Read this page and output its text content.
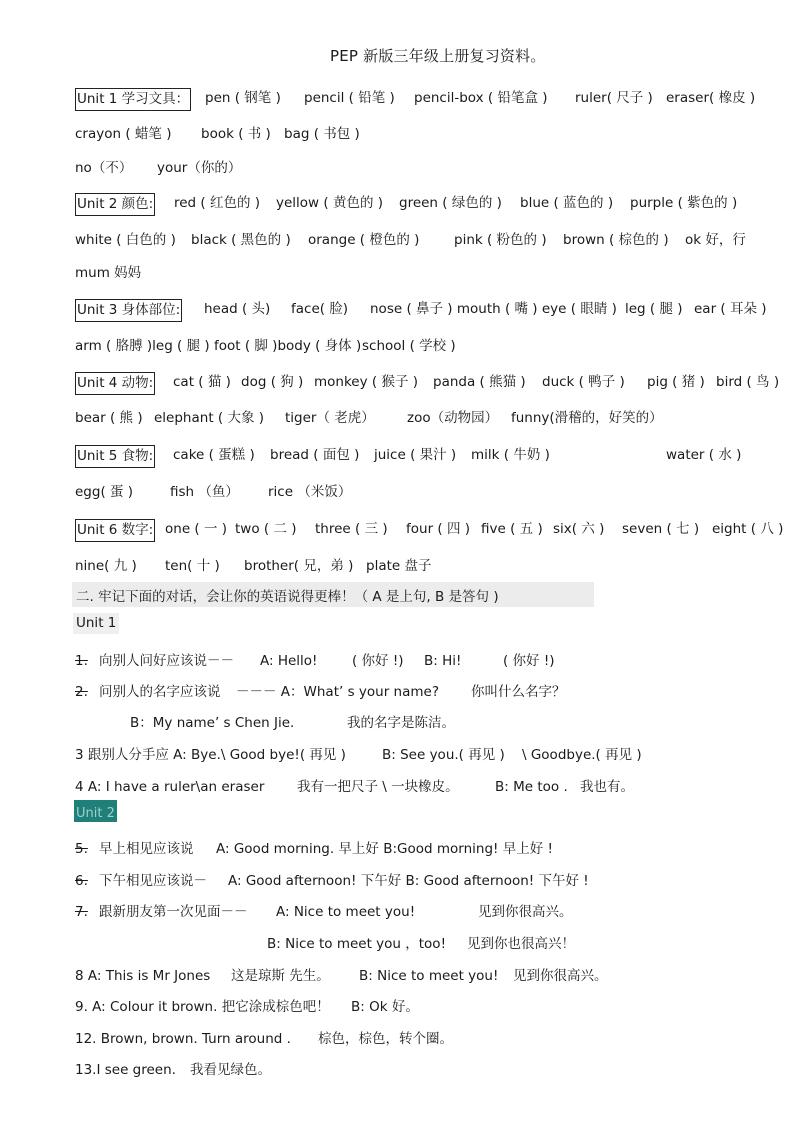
PEP 新版三年级上册复习资料。
Unit 1 学习文具： pen ( 钢笔 ) pencil ( 铅笔 ) pencil-box ( 铅笔盒 ) ruler( 尺子 ) eraser( 橡皮 )
crayon ( 蜡笔 ) book ( 书 ) bag ( 书包 )
no（不） your（你的）
Unit 2 颜色: red ( 红色的 ) yellow ( 黄色的 ) green ( 绿色的 ) blue ( 蓝色的 ) purple ( 紫色的 )
white ( 白色的 ) black ( 黑色的 ) orange ( 橙色的 )	pink ( 粉色的 ) brown ( 棕色的 ) ok 好，行
mum 妈妈
Unit 3 身体部位: head ( 头) face( 脸) nose ( 鼻子 ) mouth ( 嘴 ) eye ( 眼睛 ) leg ( 腿 ) ear ( 耳朵 )
arm ( 胳膊 )leg ( 腿 ) foot ( 脚 )body ( 身体 ) school ( 学校 )
Unit 4 动物: cat ( 猫 ) dog ( 狗 ) monkey ( 猴子 ) panda ( 熊猫 ) duck ( 鸭子 ) pig ( 猪 ) bird ( 鸟 )
bear ( 熊 ) elephant ( 大象 ) tiger（ 老虎） zoo（动物园） funny(滑稽的，好笑的）
Unit 5 食物: cake ( 蛋糕 ) bread ( 面包 ) juice ( 果汁 ) milk ( 牛奶 )	water ( 水 )
egg( 蛋 )	fish （鱼） rice （米饭）
Unit 6 数字: one ( 一 ) two ( 二 ) three ( 三 ) four ( 四 ) five ( 五 ) six( 六 ) seven ( 七 ) eight ( 八 )
nine( 九 ) ten( 十 ) brother( 兄，弟 ) plate 盘子
二. 牢记下面的对话，会让你的英语说得更棒！（ A 是上句, B 是答句 )
Unit 1
1. 向别人问好应该说－－ A: Hello!	( 你好 !) B: Hi!	( 你好 !)
2. 问别人的名字应该说 －－－ A：What’ s your name? 你叫什么名字？
B：My name’ s Chen Jie.	我的名字是陈洁。
3 跟别人分手应 A: Bye.\ Good bye!( 再见 )	B: See you.( 再见 ) \ Goodbye.( 再见 )
4 A: I have a ruler\an eraser 我有一把尺子 \ 一块橡皮。	B: Me too . 我也有。
Unit 2
5. 早上相见应该说 A: Good morning. 早上好 B:Good morning! 早上好 !
6. 下午相见应该说－ A: Good afternoon! 下午好 B: Good afternoon! 下午好 !
7. 跟新朋友第一次见面－－ A: Nice to meet you!	见到你很高兴。
B: Nice to meet you ，too! 见到你也很高兴！
8 A: This is Mr Jones 这是琼斯 先生。 B: Nice to meet you! 见到你很高兴。
9. A: Colour it brown. 把它涂成棕色吧！ B: Ok 好。
12. Brown, brown. Turn around . 棕色，棕色，转个圈。
13.I see green. 我看见绿色。
